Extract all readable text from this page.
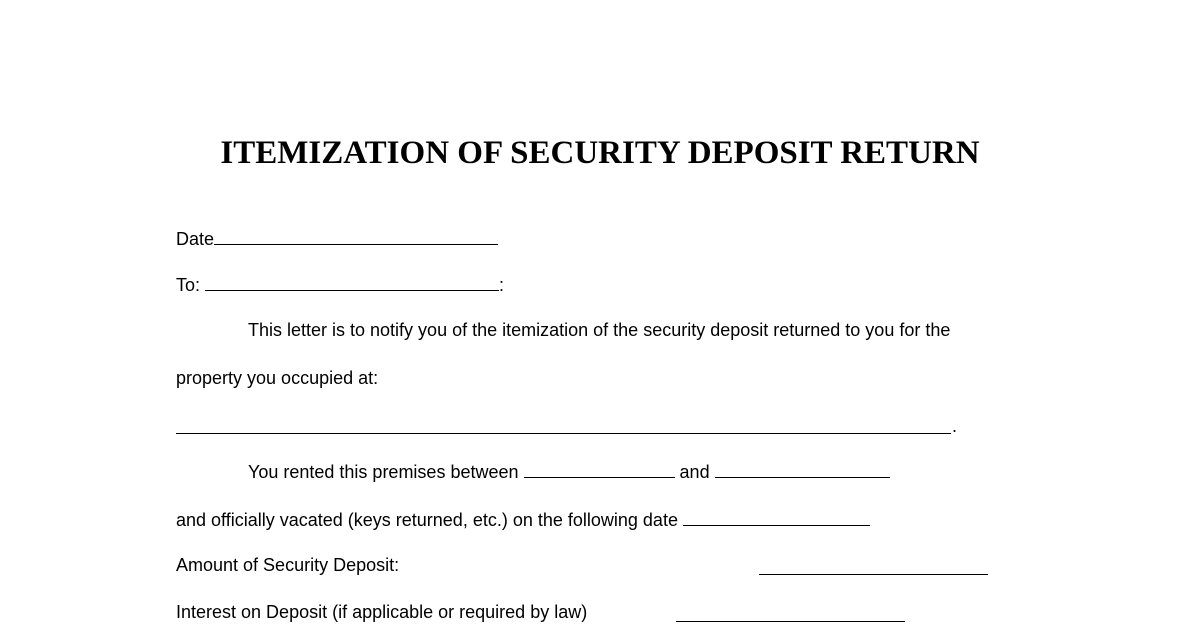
ITEMIZATION OF SECURITY DEPOSIT RETURN
Date
To:	:
This letter is to notify you of the itemization of the security deposit returned to you for the
property you occupied at:
.
You rented this premises between	and
and officially vacated (keys returned, etc.) on the following date
Amount of Security Deposit:
Interest on Deposit (if applicable or required by law)
